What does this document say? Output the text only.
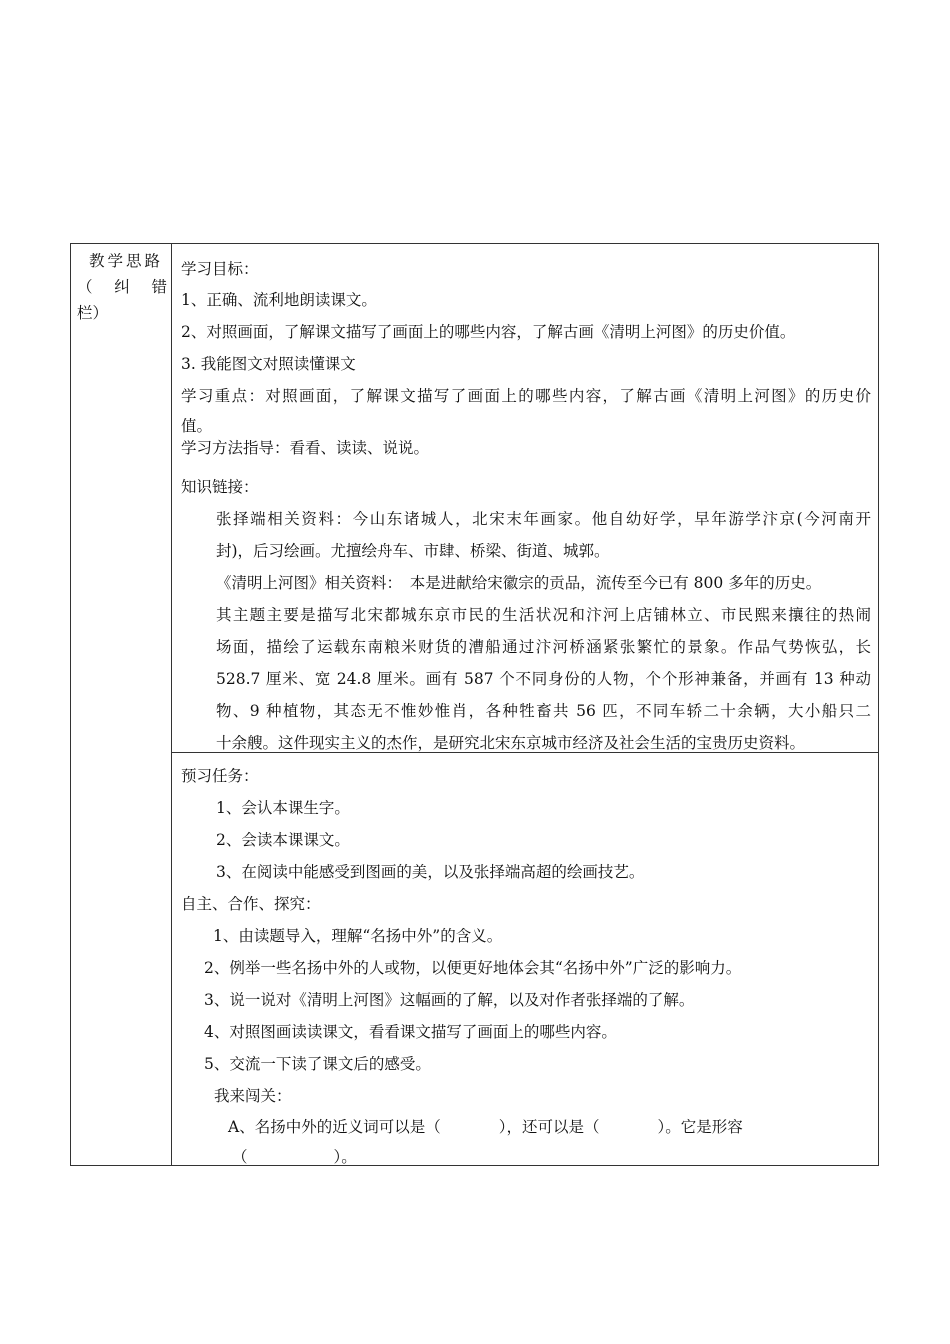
教学思路
（ 纠 错
栏）
学习目标：
1、正确、流利地朗读课文。
2、对照画面，了解课文描写了画面上的哪些内容，了解古画《清明上河图》的历史价值。
3. 我能图文对照读懂课文
学习重点：对照画面，了解课文描写了画面上的哪些内容，了解古画《清明上河图》的历史价
值。
学习方法指导：看看、读读、说说。
知识链接：
张择端相关资料：今山东诸城人，北宋末年画家。他自幼好学，早年游学汴京(今河南开
封)，后习绘画。尤擅绘舟车、市肆、桥梁、街道、城郭。
《清明上河图》相关资料：　本是进献给宋徽宗的贡品，流传至今已有 800 多年的历史。
其主题主要是描写北宋都城东京市民的生活状况和汴河上店铺林立、市民熙来攘往的热闹
场面，描绘了运载东南粮米财货的漕船通过汴河桥涵紧张繁忙的景象。作品气势恢弘，长
528.7 厘米、宽 24.8 厘米。画有 587 个不同身份的人物，个个形神兼备，并画有 13 种动
物、9 种植物，其态无不惟妙惟肖，各种牲畜共 56 匹，不同车轿二十余辆，大小船只二
十余艘。这件现实主义的杰作，是研究北宋东京城市经济及社会生活的宝贵历史资料。
预习任务：
1、会认本课生字。
2、会读本课课文。
3、在阅读中能感受到图画的美，以及张择端高超的绘画技艺。
自主、合作、探究：
1、由读题导入，理解“名扬中外”的含义。
2、例举一些名扬中外的人或物，以便更好地体会其“名扬中外”广泛的影响力。
3、说一说对《清明上河图》这幅画的了解，以及对作者张择端的了解。
4、对照图画读读课文，看看课文描写了画面上的哪些内容。
5、交流一下读了课文后的感受。
我来闯关：
A、名扬中外的近义词可以是（	），还可以是（	）。它是形容
（	）。
